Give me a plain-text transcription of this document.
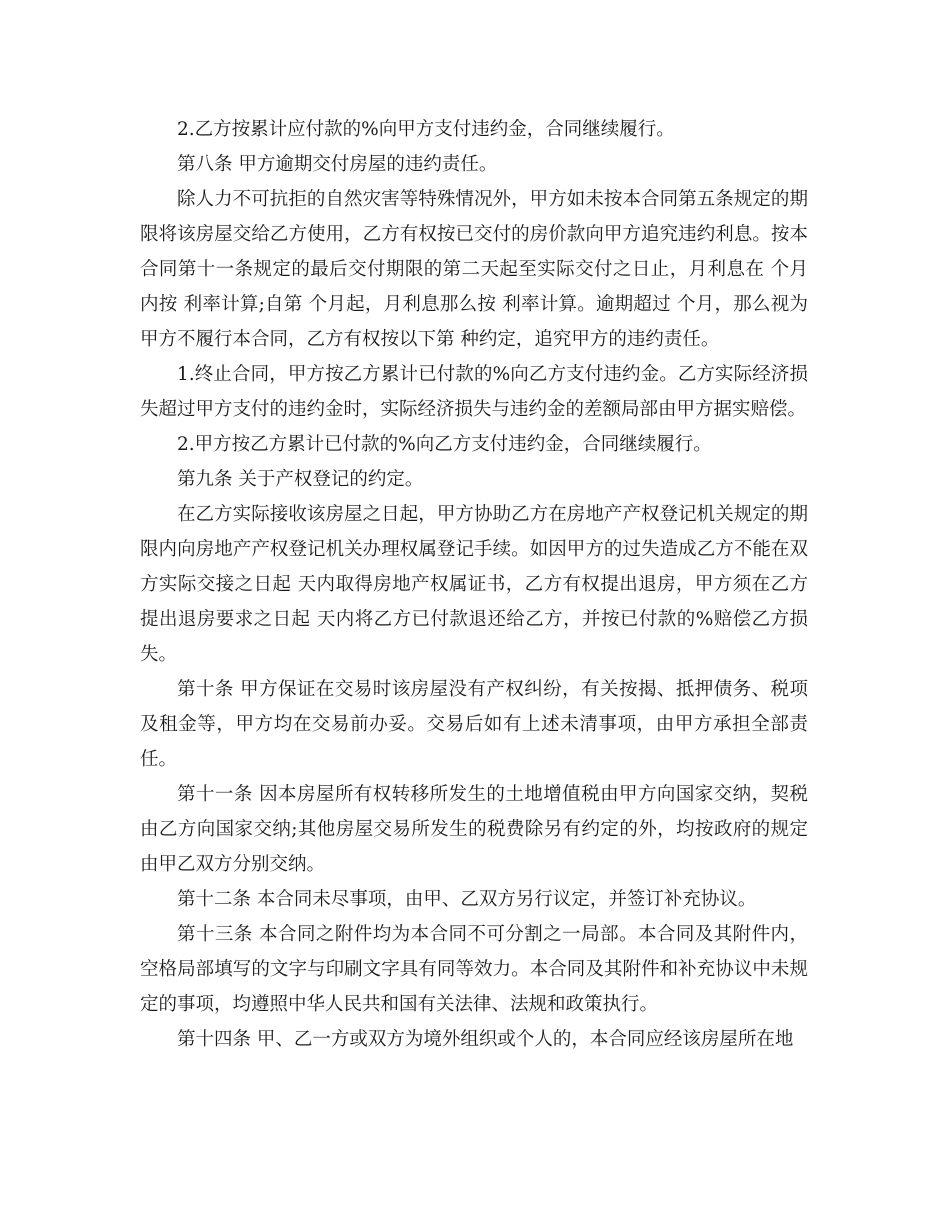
2.乙方按累计应付款的%向甲方支付违约金，合同继续履行。

第八条 甲方逾期交付房屋的违约责任。

除人力不可抗拒的自然灾害等特殊情况外，甲方如未按本合同第五条规定的期限将该房屋交给乙方使用，乙方有权按已交付的房价款向甲方追究违约利息。按本合同第十一条规定的最后交付期限的第二天起至实际交付之日止，月利息在 个月内按 利率计算;自第 个月起，月利息那么按 利率计算。逾期超过 个月，那么视为甲方不履行本合同，乙方有权按以下第 种约定，追究甲方的违约责任。

1.终止合同，甲方按乙方累计已付款的%向乙方支付违约金。乙方实际经济损失超过甲方支付的违约金时，实际经济损失与违约金的差额局部由甲方据实赔偿。

2.甲方按乙方累计已付款的%向乙方支付违约金，合同继续履行。

第九条 关于产权登记的约定。

在乙方实际接收该房屋之日起，甲方协助乙方在房地产产权登记机关规定的期限内向房地产产权登记机关办理权属登记手续。如因甲方的过失造成乙方不能在双方实际交接之日起 天内取得房地产权属证书，乙方有权提出退房，甲方须在乙方提出退房要求之日起 天内将乙方已付款退还给乙方，并按已付款的%赔偿乙方损失。

第十条 甲方保证在交易时该房屋没有产权纠纷，有关按揭、抵押债务、税项及租金等，甲方均在交易前办妥。交易后如有上述未清事项，由甲方承担全部责任。

第十一条 因本房屋所有权转移所发生的土地增值税由甲方向国家交纳，契税由乙方向国家交纳;其他房屋交易所发生的税费除另有约定的外，均按政府的规定由甲乙双方分别交纳。

第十二条 本合同未尽事项，由甲、乙双方另行议定，并签订补充协议。

第十三条 本合同之附件均为本合同不可分割之一局部。本合同及其附件内，空格局部填写的文字与印刷文字具有同等效力。本合同及其附件和补充协议中未规定的事项，均遵照中华人民共和国有关法律、法规和政策执行。

第十四条 甲、乙一方或双方为境外组织或个人的，本合同应经该房屋所在地
